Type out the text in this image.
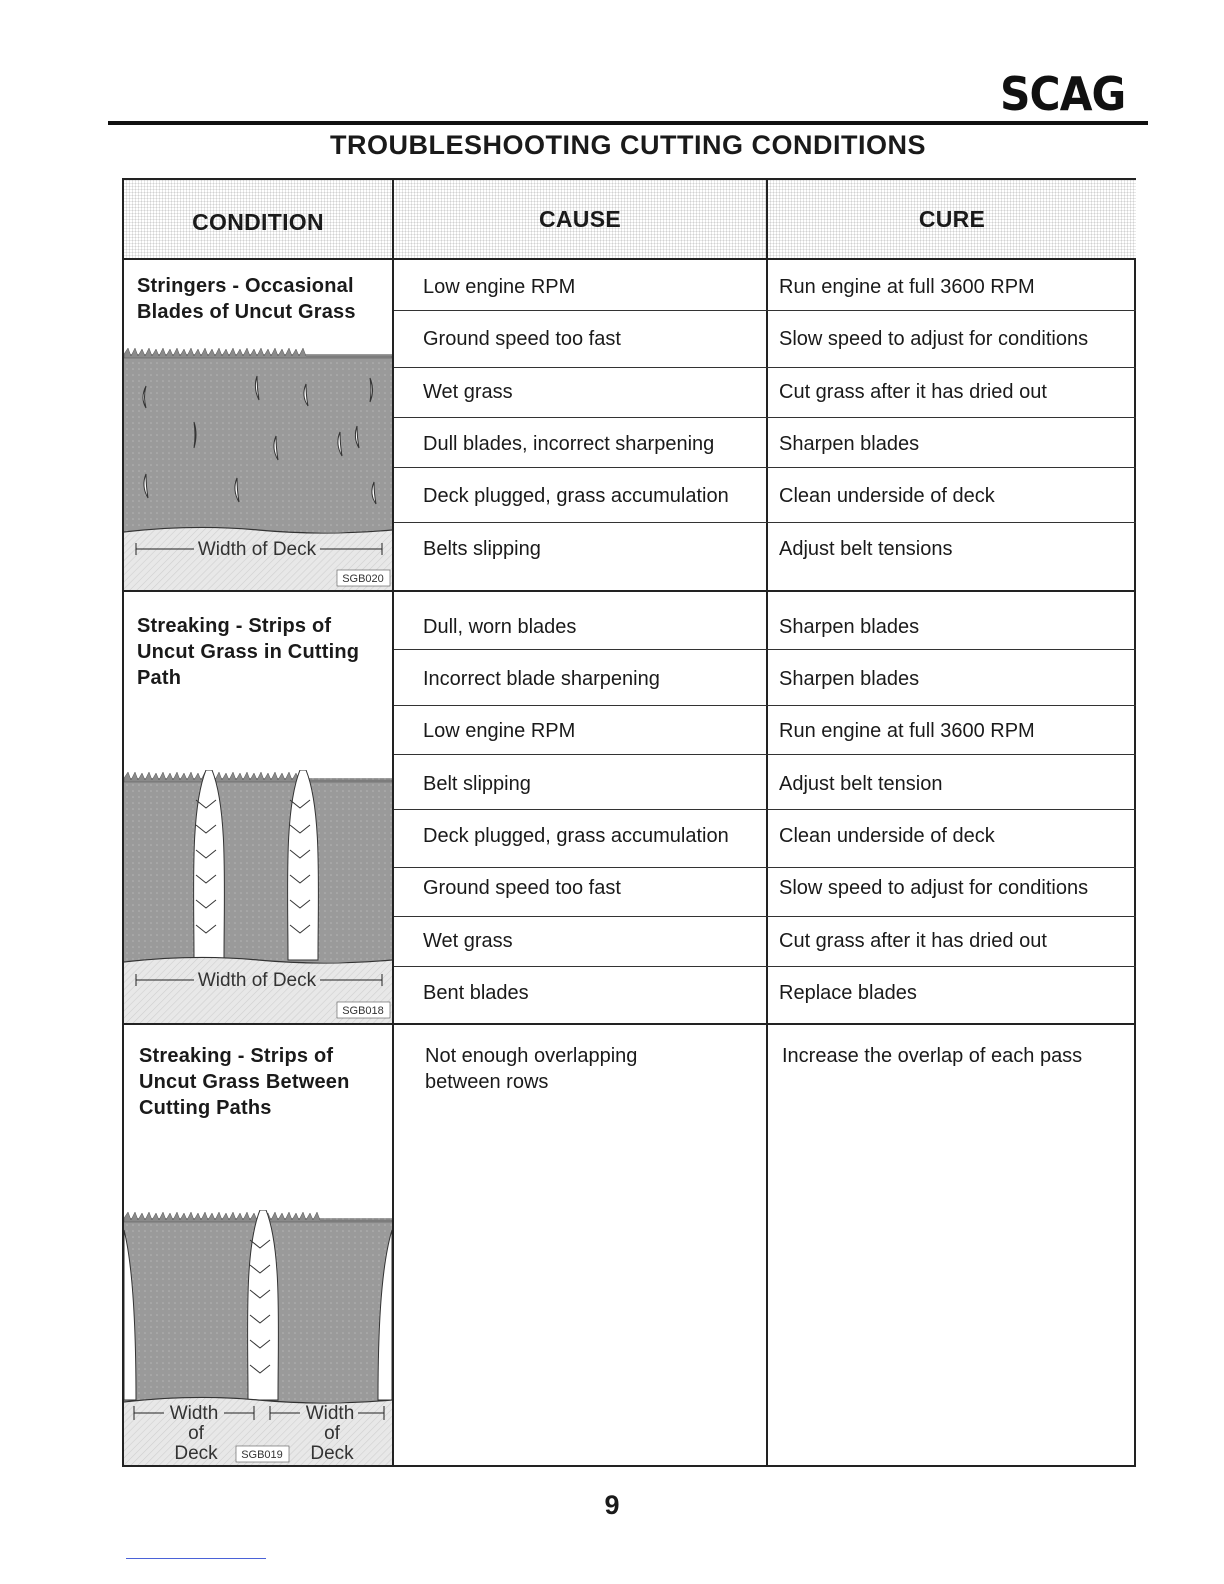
SCAG
TROUBLESHOOTING CUTTING CONDITIONS
CONDITION	CAUSE	CURE
Stringers - Occasional Blades of Uncut Grass
Width of Deck
SGB020
Low engine RPM	Run engine at full 3600 RPM
Ground speed too fast	Slow speed to adjust for conditions
Wet grass	Cut grass after it has dried out
Dull blades, incorrect sharpening	Sharpen blades
Deck plugged, grass accumulation	Clean underside of deck
Belts slipping	Adjust belt tensions
Streaking - Strips of Uncut Grass in Cutting Path
Width of Deck
SGB018
Dull, worn blades	Sharpen blades
Incorrect blade sharpening	Sharpen blades
Low engine RPM	Run engine at full 3600 RPM
Belt slipping	Adjust belt tension
Deck plugged, grass accumulation	Clean underside of deck
Ground speed too fast	Slow speed to adjust for conditions
Wet grass	Cut grass after it has dried out
Bent blades	Replace blades
Streaking - Strips of Uncut Grass Between Cutting Paths
Width
of
Deck
Width
of
Deck
SGB019
Not enough overlapping between rows
Increase the overlap of each pass
9
